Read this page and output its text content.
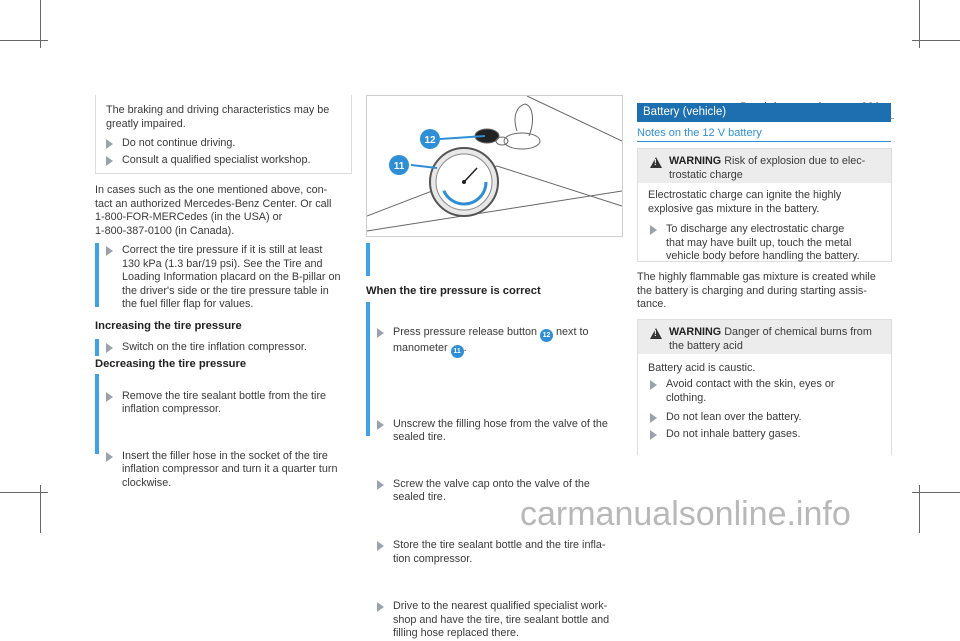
The braking and driving characteristics may be greatly impaired.
Do not continue driving.
Consult a qualified specialist workshop.
In cases such as the one mentioned above, con-
tact an authorized Mercedes-Benz Center. Or call
1-800-FOR-MERCedes (in the USA) or
1-800-387-0100 (in Canada).
Correct the tire pressure if it is still at least
130 kPa (1.3 bar/19 psi). See the Tire and
Loading Information placard on the B-pillar on
the driver's side or the tire pressure table in
the fuel filler flap for values.
Increasing the tire pressure
Switch on the tire inflation compressor.
Decreasing the tire pressure
Remove the tire sealant bottle from the tire
inflation compressor.
Insert the filler hose in the socket of the tire
inflation compressor and turn it a quarter turn
clockwise.
12
11
Press pressure release button 12 next to
manometer 11 .
When the tire pressure is correct
Unscrew the filling hose from the valve of the
sealed tire.
Screw the valve cap onto the valve of the
sealed tire.
Store the tire sealant bottle and the tire infla-
tion compressor.
Drive to the nearest qualified specialist work-
shop and have the tire, tire sealant bottle and
filling hose replaced there.
Battery (vehicle)
Notes on the 12 V battery
!
WARNING Risk of explosion due to elec-
trostatic charge
Electrostatic charge can ignite the highly
explosive gas mixture in the battery.
To discharge any electrostatic charge
that may have built up, touch the metal
vehicle body before handling the battery.
The highly flammable gas mixture is created while
the battery is charging and during starting assis-
tance.
!
WARNING Danger of chemical burns from
the battery acid
Battery acid is caustic.
Avoid contact with the skin, eyes or
clothing.
Do not lean over the battery.
Do not inhale battery gases.
carmanualsonline.info
